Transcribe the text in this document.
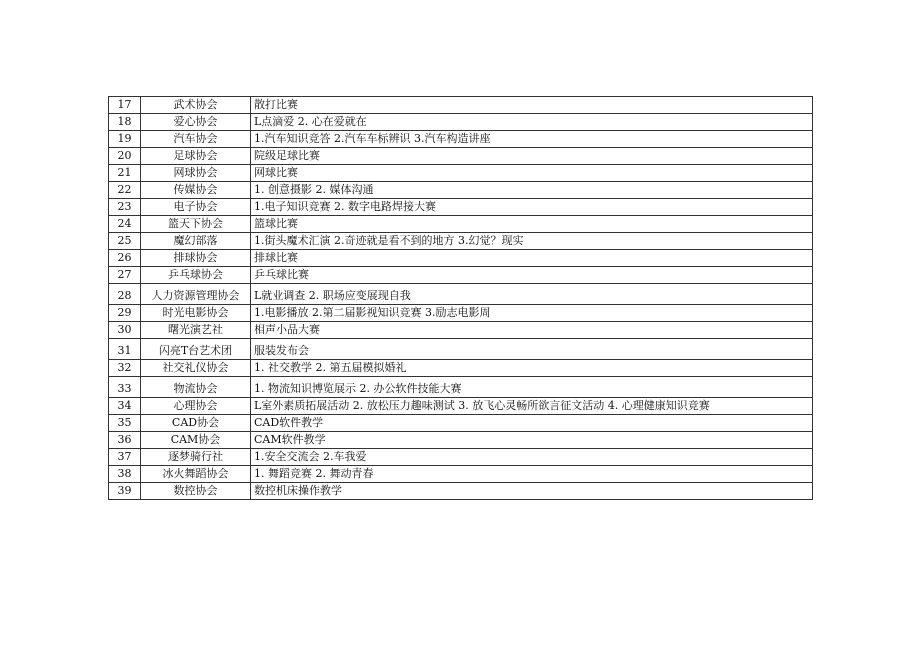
17	武术协会	散打比赛
18	爱心协会	L点滴爱 2. 心在爱就在
19	汽车协会	1.汽车知识竞答 2.汽车车标辨识 3.汽车构造讲座
20	足球协会	院级足球比赛
21	网球协会	网球比赛
22	传媒协会	1. 创意摄影 2. 媒体沟通
23	电子协会	1.电子知识竞赛 2. 数字电路焊接大赛
24	篮天下协会	篮球比赛
25	魔幻部落	1.街头魔术汇演 2.奇迹就是看不到的地方 3.幻觉？现实
26	排球协会	排球比赛
27	乒乓球协会	乒乓球比赛
28	人力资源管理协会	L就业调查 2. 职场应变展现自我
29	时光电影协会	1.电影播放 2.第二届影视知识竞赛 3.励志电影周
30	曙光演艺社	相声小品大赛
31	闪亮T台艺术团	服装发布会
32	社交礼仪协会	1. 社交教学 2. 第五届模拟婚礼
33	物流协会	1. 物流知识博览展示 2. 办公软件技能大赛
34	心理协会	L室外素质拓展活动 2. 放松压力趣味测试 3. 放飞心灵畅所欲言征文活动 4. 心理健康知识竞赛
35	CAD协会	CAD软件教学
36	CAM协会	CAM软件教学
37	逐梦骑行社	1.安全交流会 2.车我爱
38	冰火舞蹈协会	1. 舞蹈竞赛 2. 舞动青春
39	数控协会	数控机床操作教学
